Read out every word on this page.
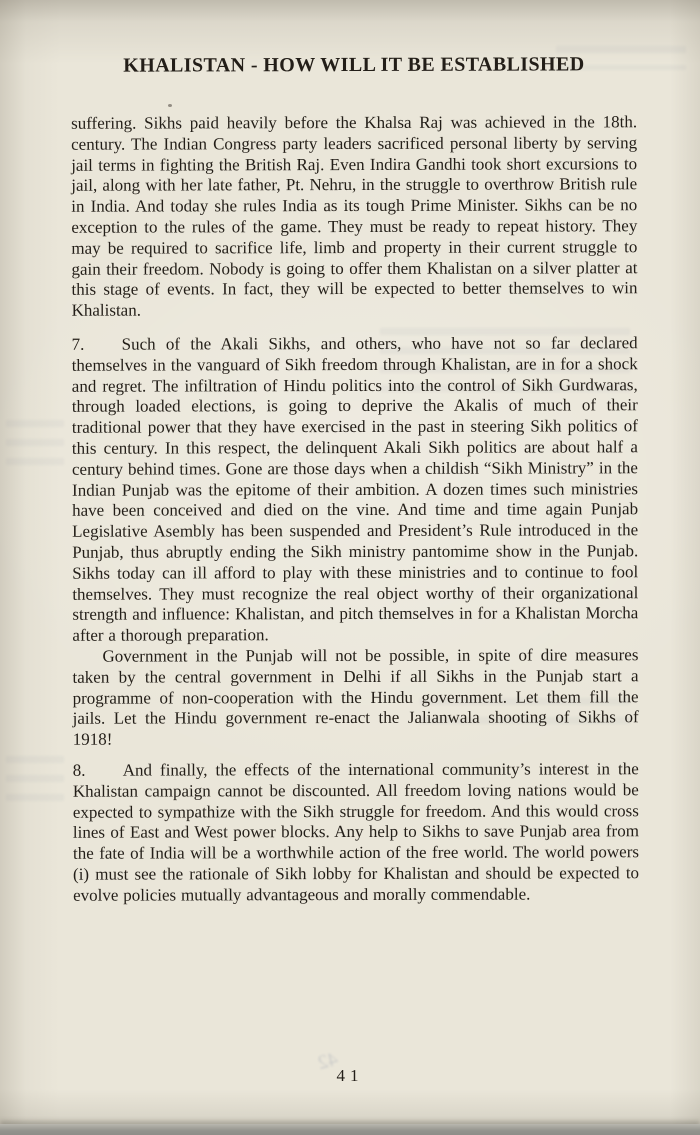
42
KHALISTAN - HOW WILL IT BE ESTABLISHED

suffering. Sikhs paid heavily before the Khalsa Raj was achieved in the 18th. century. The Indian Congress party leaders sacrificed personal liberty by serving jail terms in fighting the British Raj. Even Indira Gandhi took short excursions to jail, along with her late father, Pt. Nehru, in the struggle to overthrow British rule in India. And today she rules India as its tough Prime Minister. Sikhs can be no exception to the rules of the game. They must be ready to repeat history. They may be required to sacrifice life, limb and property in their current struggle to gain their freedom. Nobody is going to offer them Khalistan on a silver platter at this stage of events. In fact, they will be expected to better themselves to win Khalistan.

7. Such of the Akali Sikhs, and others, who have not so far declared themselves in the vanguard of Sikh freedom through Khalistan, are in for a shock and regret. The infiltration of Hindu politics into the control of Sikh Gurdwaras, through loaded elections, is going to deprive the Akalis of much of their traditional power that they have exercised in the past in steering Sikh politics of this century. In this respect, the delinquent Akali Sikh politics are about half a century behind times. Gone are those days when a childish “Sikh Ministry” in the Indian Punjab was the epitome of their ambition. A dozen times such ministries have been conceived and died on the vine. And time and time again Punjab Legislative Asembly has been suspended and President’s Rule introduced in the Punjab, thus abruptly ending the Sikh ministry pantomime show in the Punjab. Sikhs today can ill afford to play with these ministries and to continue to fool themselves. They must recognize the real object worthy of their organizational strength and influence: Khalistan, and pitch themselves in for a Khalistan Morcha after a thorough preparation.

Government in the Punjab will not be possible, in spite of dire measures taken by the central government in Delhi if all Sikhs in the Punjab start a programme of non-cooperation with the Hindu government. Let them fill the jails. Let the Hindu government re-enact the Jalianwala shooting of Sikhs of 1918!

8. And finally, the effects of the international community’s interest in the Khalistan campaign cannot be discounted. All freedom loving nations would be expected to sympathize with the Sikh struggle for freedom. And this would cross lines of East and West power blocks. Any help to Sikhs to save Punjab area from the fate of India will be a worthwhile action of the free world. The world powers (i) must see the rationale of Sikh lobby for Khalistan and should be expected to evolve policies mutually advantageous and morally commendable.

41
